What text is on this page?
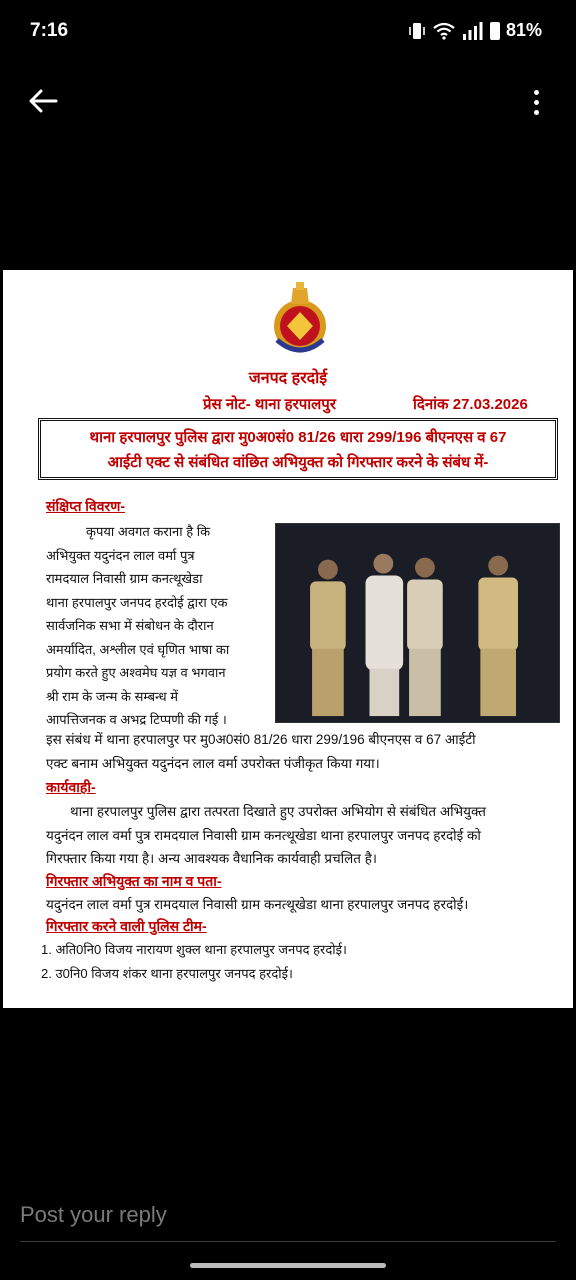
7:16	81%
जनपद हरदोई
प्रेस नोट- थाना हरपालपुर	दिनांक 27.03.2026
थाना हरपालपुर पुलिस द्वारा मु0अ0सं0 81/26 धारा 299/196 बीएनएस व 67
आईटी एक्ट से संबंधित वांछित अभियुक्त को गिरफ्तार करने के संबंध में-
संक्षिप्त विवरण-
कृपया अवगत कराना है कि
अभियुक्त यदुनंदन लाल वर्मा पुत्र
रामदयाल निवासी ग्राम कनत्थूखेडा
थाना हरपालपुर जनपद हरदोई द्वारा एक
सार्वजनिक सभा में संबोधन के दौरान
अमर्यादित, अश्लील एवं घृणित भाषा का
प्रयोग करते हुए अश्वमेघ यज्ञ व भगवान
श्री राम के जन्म के सम्बन्ध में
आपत्तिजनक व अभद्र टिप्पणी की गई ।
इस संबंध में थाना हरपालपुर पर मु0अ0सं0 81/26 धारा 299/196 बीएनएस व 67 आईटी
एक्ट बनाम अभियुक्त यदुनंदन लाल वर्मा उपरोक्त पंजीकृत किया गया।
कार्यवाही-
थाना हरपालपुर पुलिस द्वारा तत्परता दिखाते हुए उपरोक्त अभियोग से संबंधित अभियुक्त
यदुनंदन लाल वर्मा पुत्र रामदयाल निवासी ग्राम कनत्थूखेडा थाना हरपालपुर जनपद हरदोई को
गिरफ्तार किया गया है। अन्य आवश्यक वैधानिक कार्यवाही प्रचलित है।
गिरफ्तार अभियुक्त का नाम व पता-
यदुनंदन लाल वर्मा पुत्र रामदयाल निवासी ग्राम कनत्थूखेडा थाना हरपालपुर जनपद हरदोई।
गिरफ्तार करने वाली पुलिस टीम-
1. अति0नि0 विजय नारायण शुक्ल थाना हरपालपुर जनपद हरदोई।
2. उ0नि0 विजय शंकर थाना हरपालपुर जनपद हरदोई।
Post your reply
